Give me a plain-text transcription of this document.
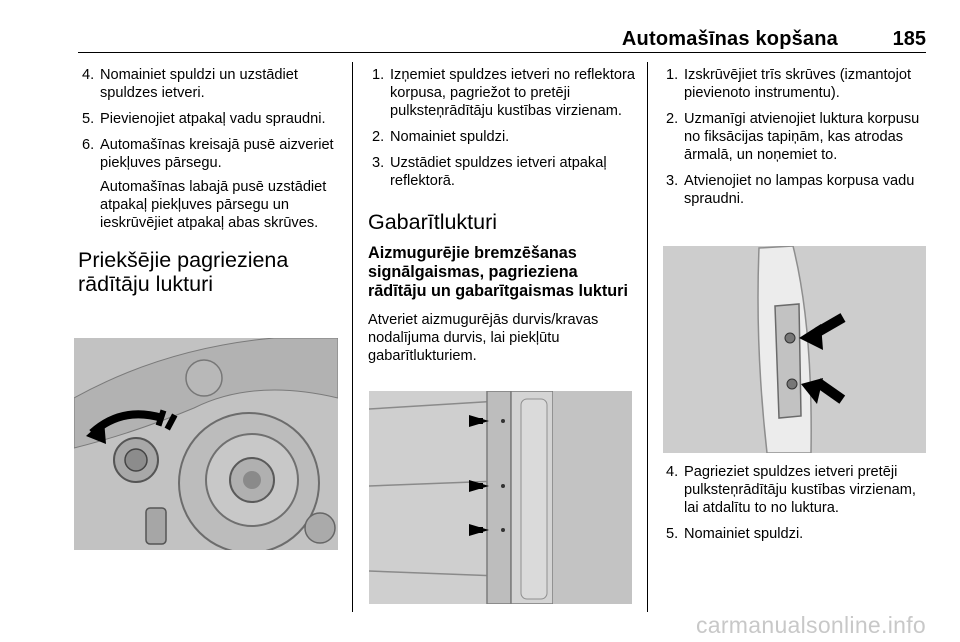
Automašīnas kopšana	185
4. Nomainiet spuldzi un uzstādiet spuldzes ietveri.
5. Pievienojiet atpakaļ vadu spraudni.
6. Automašīnas kreisajā pusē aizveriet piekļuves pārsegu.
Automašīnas labajā pusē uzstādiet atpakaļ piekļuves pārsegu un ieskrūvējiet atpakaļ abas skrūves.
Priekšējie pagrieziena rādītāju lukturi
1. Izņemiet spuldzes ietveri no reflektora korpusa, pagriežot to pretēji pulksteņrādītāju kustības virzienam.
2. Nomainiet spuldzi.
3. Uzstādiet spuldzes ietveri atpakaļ reflektorā.
Gabarītlukturi
Aizmugurējie bremzēšanas signālgaismas, pagrieziena rādītāju un gabarītgaismas lukturi

Atveriet aizmugurējās durvis/kravas nodalījuma durvis, lai piekļūtu gabarītlukturiem.

1. Izskrūvējiet trīs skrūves (izmantojot pievienoto instrumentu).
2. Uzmanīgi atvienojiet luktura korpusu no fiksācijas tapiņām, kas atrodas ārmalā, un noņemiet to.
3. Atvienojiet no lampas korpusa vadu spraudni.
4. Pagrieziet spuldzes ietveri pretēji pulksteņrādītāju kustības virzienam, lai atdalītu to no luktura.
5. Nomainiet spuldzi.
carmanualsonline.info
